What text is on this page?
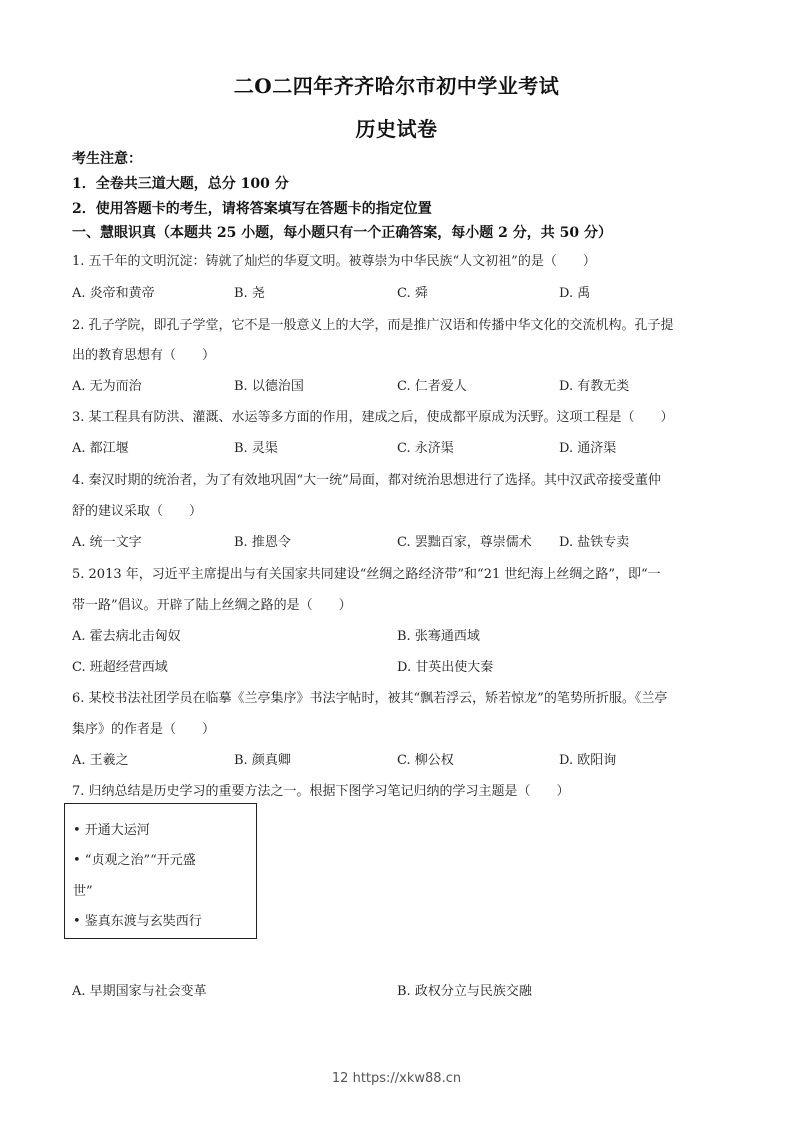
二O二四年齐齐哈尔市初中学业考试
历史试卷
考生注意：
1．全卷共三道大题，总分 100 分
2．使用答题卡的考生，请将答案填写在答题卡的指定位置
一、慧眼识真（本题共 25 小题，每小题只有一个正确答案，每小题 2 分，共 50 分）
1. 五千年的文明沉淀：铸就了灿烂的华夏文明。被尊崇为中华民族“人文初祖”的是（　　）
A. 炎帝和黄帝	B. 尧	C. 舜	D. 禹
2. 孔子学院，即孔子学堂，它不是一般意义上的大学，而是推广汉语和传播中华文化的交流机构。孔子提
出的教育思想有（　　）
A. 无为而治	B. 以德治国	C. 仁者爱人	D. 有教无类
3. 某工程具有防洪、灌溉、水运等多方面的作用，建成之后，使成都平原成为沃野。这项工程是（　　）
A. 都江堰	B. 灵渠	C. 永济渠	D. 通济渠
4. 秦汉时期的统治者，为了有效地巩固“大一统”局面，都对统治思想进行了选择。其中汉武帝接受董仲
舒的建议采取（　　）
A. 统一文字	B. 推恩令	C. 罢黜百家，尊崇儒术 D. 盐铁专卖
5. 2013 年，习近平主席提出与有关国家共同建设“丝绸之路经济带”和“21 世纪海上丝绸之路”，即“一
带一路”倡议。开辟了陆上丝绸之路的是（　　）
A. 霍去病北击匈奴	B. 张骞通西域
C. 班超经营西域	D. 甘英出使大秦
6. 某校书法社团学员在临摹《兰亭集序》书法字帖时，被其“飘若浮云，矫若惊龙”的笔势所折服。《兰亭
集序》的作者是（　　）
A. 王羲之	B. 颜真卿	C. 柳公权	D. 欧阳询
7. 归纳总结是历史学习的重要方法之一。根据下图学习笔记归纳的学习主题是（　　）
• 开通大运河
• “贞观之治”“开元盛
世”
• 鉴真东渡与玄奘西行
A. 早期国家与社会变革	B. 政权分立与民族交融
12 https://xkw88.cn
